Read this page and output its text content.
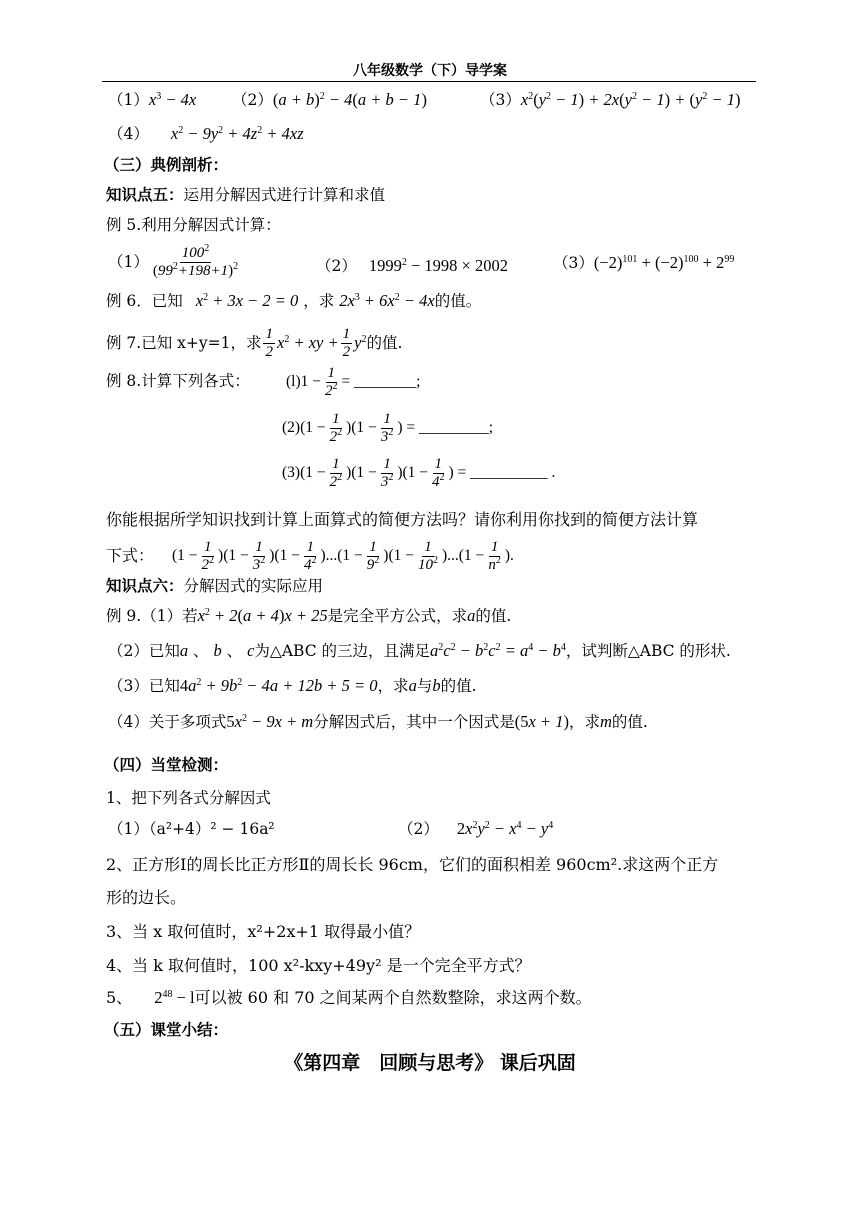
八年级数学（下）导学案
$(1)x^3 - 4x$ $(2)(a + b)^2 - 4(a + b - 1)$	$(3)x^2(y^2 - 1) + 2x(y^2 - 1) + (y^2 - 1)$
（4） $x^2 - 9y^2 + 4z^2 + 4xz$
（三）典例剖析：
知识点五：运用分解因式进行计算和求值
例 5.利用分解因式计算：
$(1) \frac{100^2}{(99^2+198+1)^2}$	（2） $1999^2 - 1998 \times 2002$	$(3)(-2)^{101} + (-2)^{100} + 2^{99}$
例 6．已知 $x^2 + 3x - 2 = 0$ ，求 $2x^3 + 6x^2 - 4x$的值。
例 7.已知 x+y=1，求 $\frac{1}{2} x^2$ + xy + $\frac{1}{2} y^2$ 的值.
例 8.计算下列各式： $(l)1 - \frac{1}{2^2}$ = ________;
$(2)(1 - \frac{1}{2^2} )(1 - \frac{1}{3^2}$ ) = _________;
$(3)(1 - \frac{1}{2^2} )(1 - \frac{1}{3^2} )(1 - \frac{1}{4^2}$ ) = __________ .
你能根据所学知识找到计算上面算式的简便方法吗？请你利用你找到的简便方法计算
下式： $(1 - \frac{1}{2^2} )(1 - \frac{1}{3^2} )(1 - \frac{1}{4^2} )...(1 - \frac{1}{9^2} )(1 - \frac{1}{10^2} )...(1 - \frac{1}{n^2}$ ).
知识点六：分解因式的实际应用
例 9.（1）若$x^2 + 2(a + 4)x + 25$是完全平方公式，求a的值.
（2）已知a 、 b 、 c为△ABC 的三边，且满足$a^2c^2 - b^2c^2 = a^4 - b^4$，试判断△ABC 的形状.
（3）已知$4a^2 + 9b^2 - 4a + 12b + 5 = 0$，求a与b的值.
（4）关于多项式$5x^2 - 9x + m$分解因式后，其中一个因式是(5x + 1)，求m的值.
（四）当堂检测：
1、把下列各式分解因式
（1）（a²+4）² − 16a²	（2） $2x^2y^2 - x^4 - y^4$
2、正方形Ⅰ的周长比正方形Ⅱ的周长长 96cm，它们的面积相差 960cm².求这两个正方
形的边长。
3、当 x 取何值时，x²+2x+1 取得最小值？
4、当 k 取何值时，100 x²-kxy+49y² 是一个完全平方式？
5、 $2^{48} - l$可以被 60 和 70 之间某两个自然数整除，求这两个数。
（五）课堂小结：
《第四章　回顾与思考》 课后巩固
